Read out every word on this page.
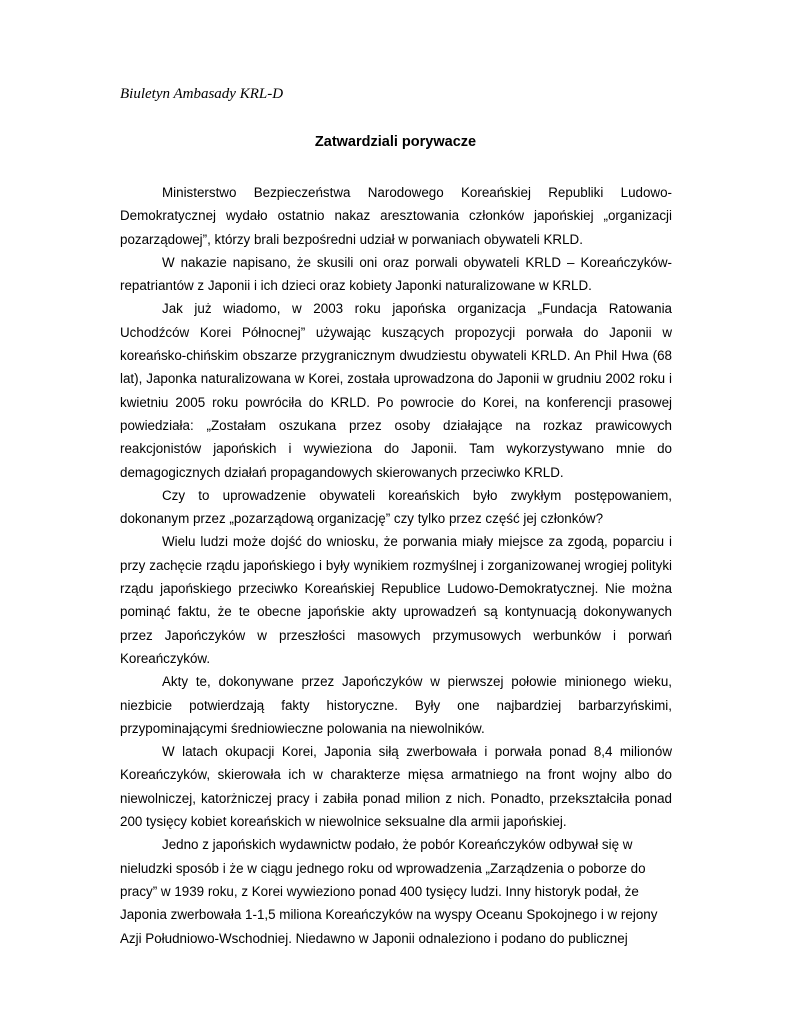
Biuletyn Ambasady KRL-D
Zatwardziali porywacze

Ministerstwo Bezpieczeństwa Narodowego Koreańskiej Republiki Ludowo-Demokratycznej wydało ostatnio nakaz aresztowania członków japońskiej „organizacji pozarządowej”, którzy brali bezpośredni udział w porwaniach obywateli KRLD.

W nakazie napisano, że skusili oni oraz porwali obywateli KRLD – Koreańczyków-repatriantów z Japonii i ich dzieci oraz kobiety Japonki naturalizowane w KRLD.

Jak już wiadomo, w 2003 roku japońska organizacja „Fundacja Ratowania Uchodźców Korei Północnej” używając kuszących propozycji porwała do Japonii w koreańsko-chińskim obszarze przygranicznym dwudziestu obywateli KRLD. An Phil Hwa (68 lat), Japonka naturalizowana w Korei, została uprowadzona do Japonii w grudniu 2002 roku i kwietniu 2005 roku powróciła do KRLD. Po powrocie do Korei, na konferencji prasowej powiedziała: „Zostałam oszukana przez osoby działające na rozkaz prawicowych reakcjonistów japońskich i wywieziona do Japonii. Tam wykorzystywano mnie do demagogicznych działań propagandowych skierowanych przeciwko KRLD.

Czy to uprowadzenie obywateli koreańskich było zwykłym postępowaniem, dokonanym przez „pozarządową organizację” czy tylko przez część jej członków?

Wielu ludzi może dojść do wniosku, że porwania miały miejsce za zgodą, poparciu i przy zachęcie rządu japońskiego i były wynikiem rozmyślnej i zorganizowanej wrogiej polityki rządu japońskiego przeciwko Koreańskiej Republice Ludowo-Demokratycznej. Nie można pominąć faktu, że te obecne japońskie akty uprowadzeń są kontynuacją dokonywanych przez Japończyków w przeszłości masowych przymusowych werbunków i porwań Koreańczyków.

Akty te, dokonywane przez Japończyków w pierwszej połowie minionego wieku, niezbicie potwierdzają fakty historyczne. Były one najbardziej barbarzyńskimi, przypominającymi średniowieczne polowania na niewolników.

W latach okupacji Korei, Japonia siłą zwerbowała i porwała ponad 8,4 milionów Koreańczyków, skierowała ich w charakterze mięsa armatniego na front wojny albo do niewolniczej, katorżniczej pracy i zabiła ponad milion z nich. Ponadto, przekształciła ponad 200 tysięcy kobiet koreańskich w niewolnice seksualne dla armii japońskiej.

Jedno z japońskich wydawnictw podało, że pobór Koreańczyków odbywał się w nieludzki sposób i że w ciągu jednego roku od wprowadzenia „Zarządzenia o poborze do pracy” w 1939 roku, z Korei wywieziono ponad 400 tysięcy ludzi. Inny historyk podał, że Japonia zwerbowała 1-1,5 miliona Koreańczyków na wyspy Oceanu Spokojnego i w rejony Azji Południowo-Wschodniej. Niedawno w Japonii odnaleziono i podano do publicznej
